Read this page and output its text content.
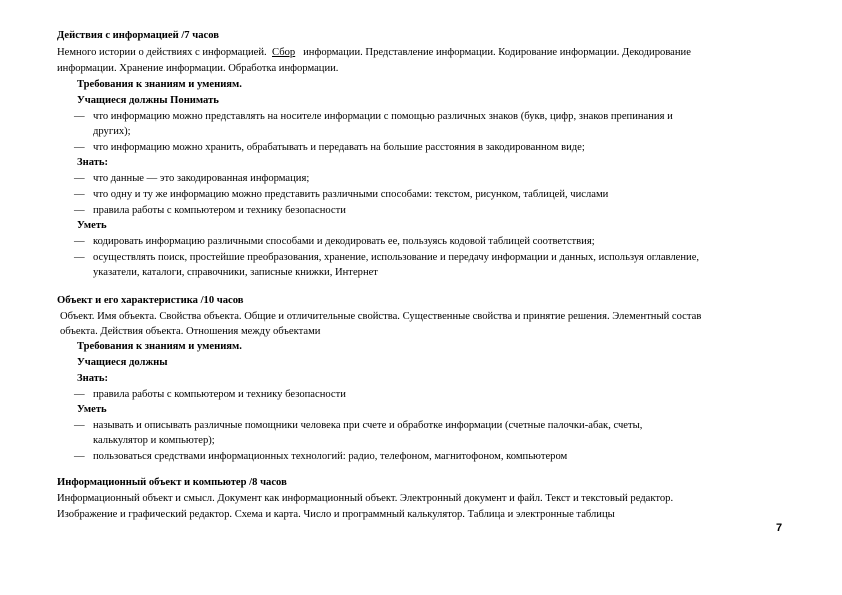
Действия с информацией /7 часов
Немного истории о действиях с информацией. Сбор информации. Представление информации. Кодирование информации. Декодирование
информации. Хранение информации. Обработка информации.
Требования к знаниям и умениям.
Учащиеся должны Понимать
— что информацию можно представлять на носителе информации с помощью различных знаков (букв, цифр, знаков препинания и
других);
— что информацию можно хранить, обрабатывать и передавать на большие расстояния в закодированном виде;
Знать:
— что данные — это закодированная информация;
— что одну и ту же информацию можно представить различными способами: текстом, рисунком, таблицей, числами
— правила работы с компьютером и технику безопасности
Уметь
— кодировать информацию различными способами и декодировать ее, пользуясь кодовой таблицей соответствия;
— осуществлять поиск, простейшие преобразования, хранение, использование и передачу информации и данных, используя оглавление,
указатели, каталоги, справочники, записные книжки, Интернет
Объект и его характеристика /10 часов
Объект. Имя объекта. Свойства объекта. Общие и отличительные свойства. Существенные свойства и принятие решения. Элементный состав
объекта. Действия объекта. Отношения между объектами
Требования к знаниям и умениям.
Учащиеся должны
Знать:
— правила работы с компьютером и технику безопасности
Уметь
— называть и описывать различные помощники человека при счете и обработке информации (счетные палочки-абак, счеты,
калькулятор и компьютер);
— пользоваться средствами информационных технологий: радио, телефоном, магнитофоном, компьютером
Информационный объект и компьютер /8 часов
Информационный объект и смысл. Документ как информационный объект. Электронный документ и файл. Текст и текстовый редактор.
Изображение и графический редактор. Схема и карта. Число и программный калькулятор. Таблица и электронные таблицы
7
